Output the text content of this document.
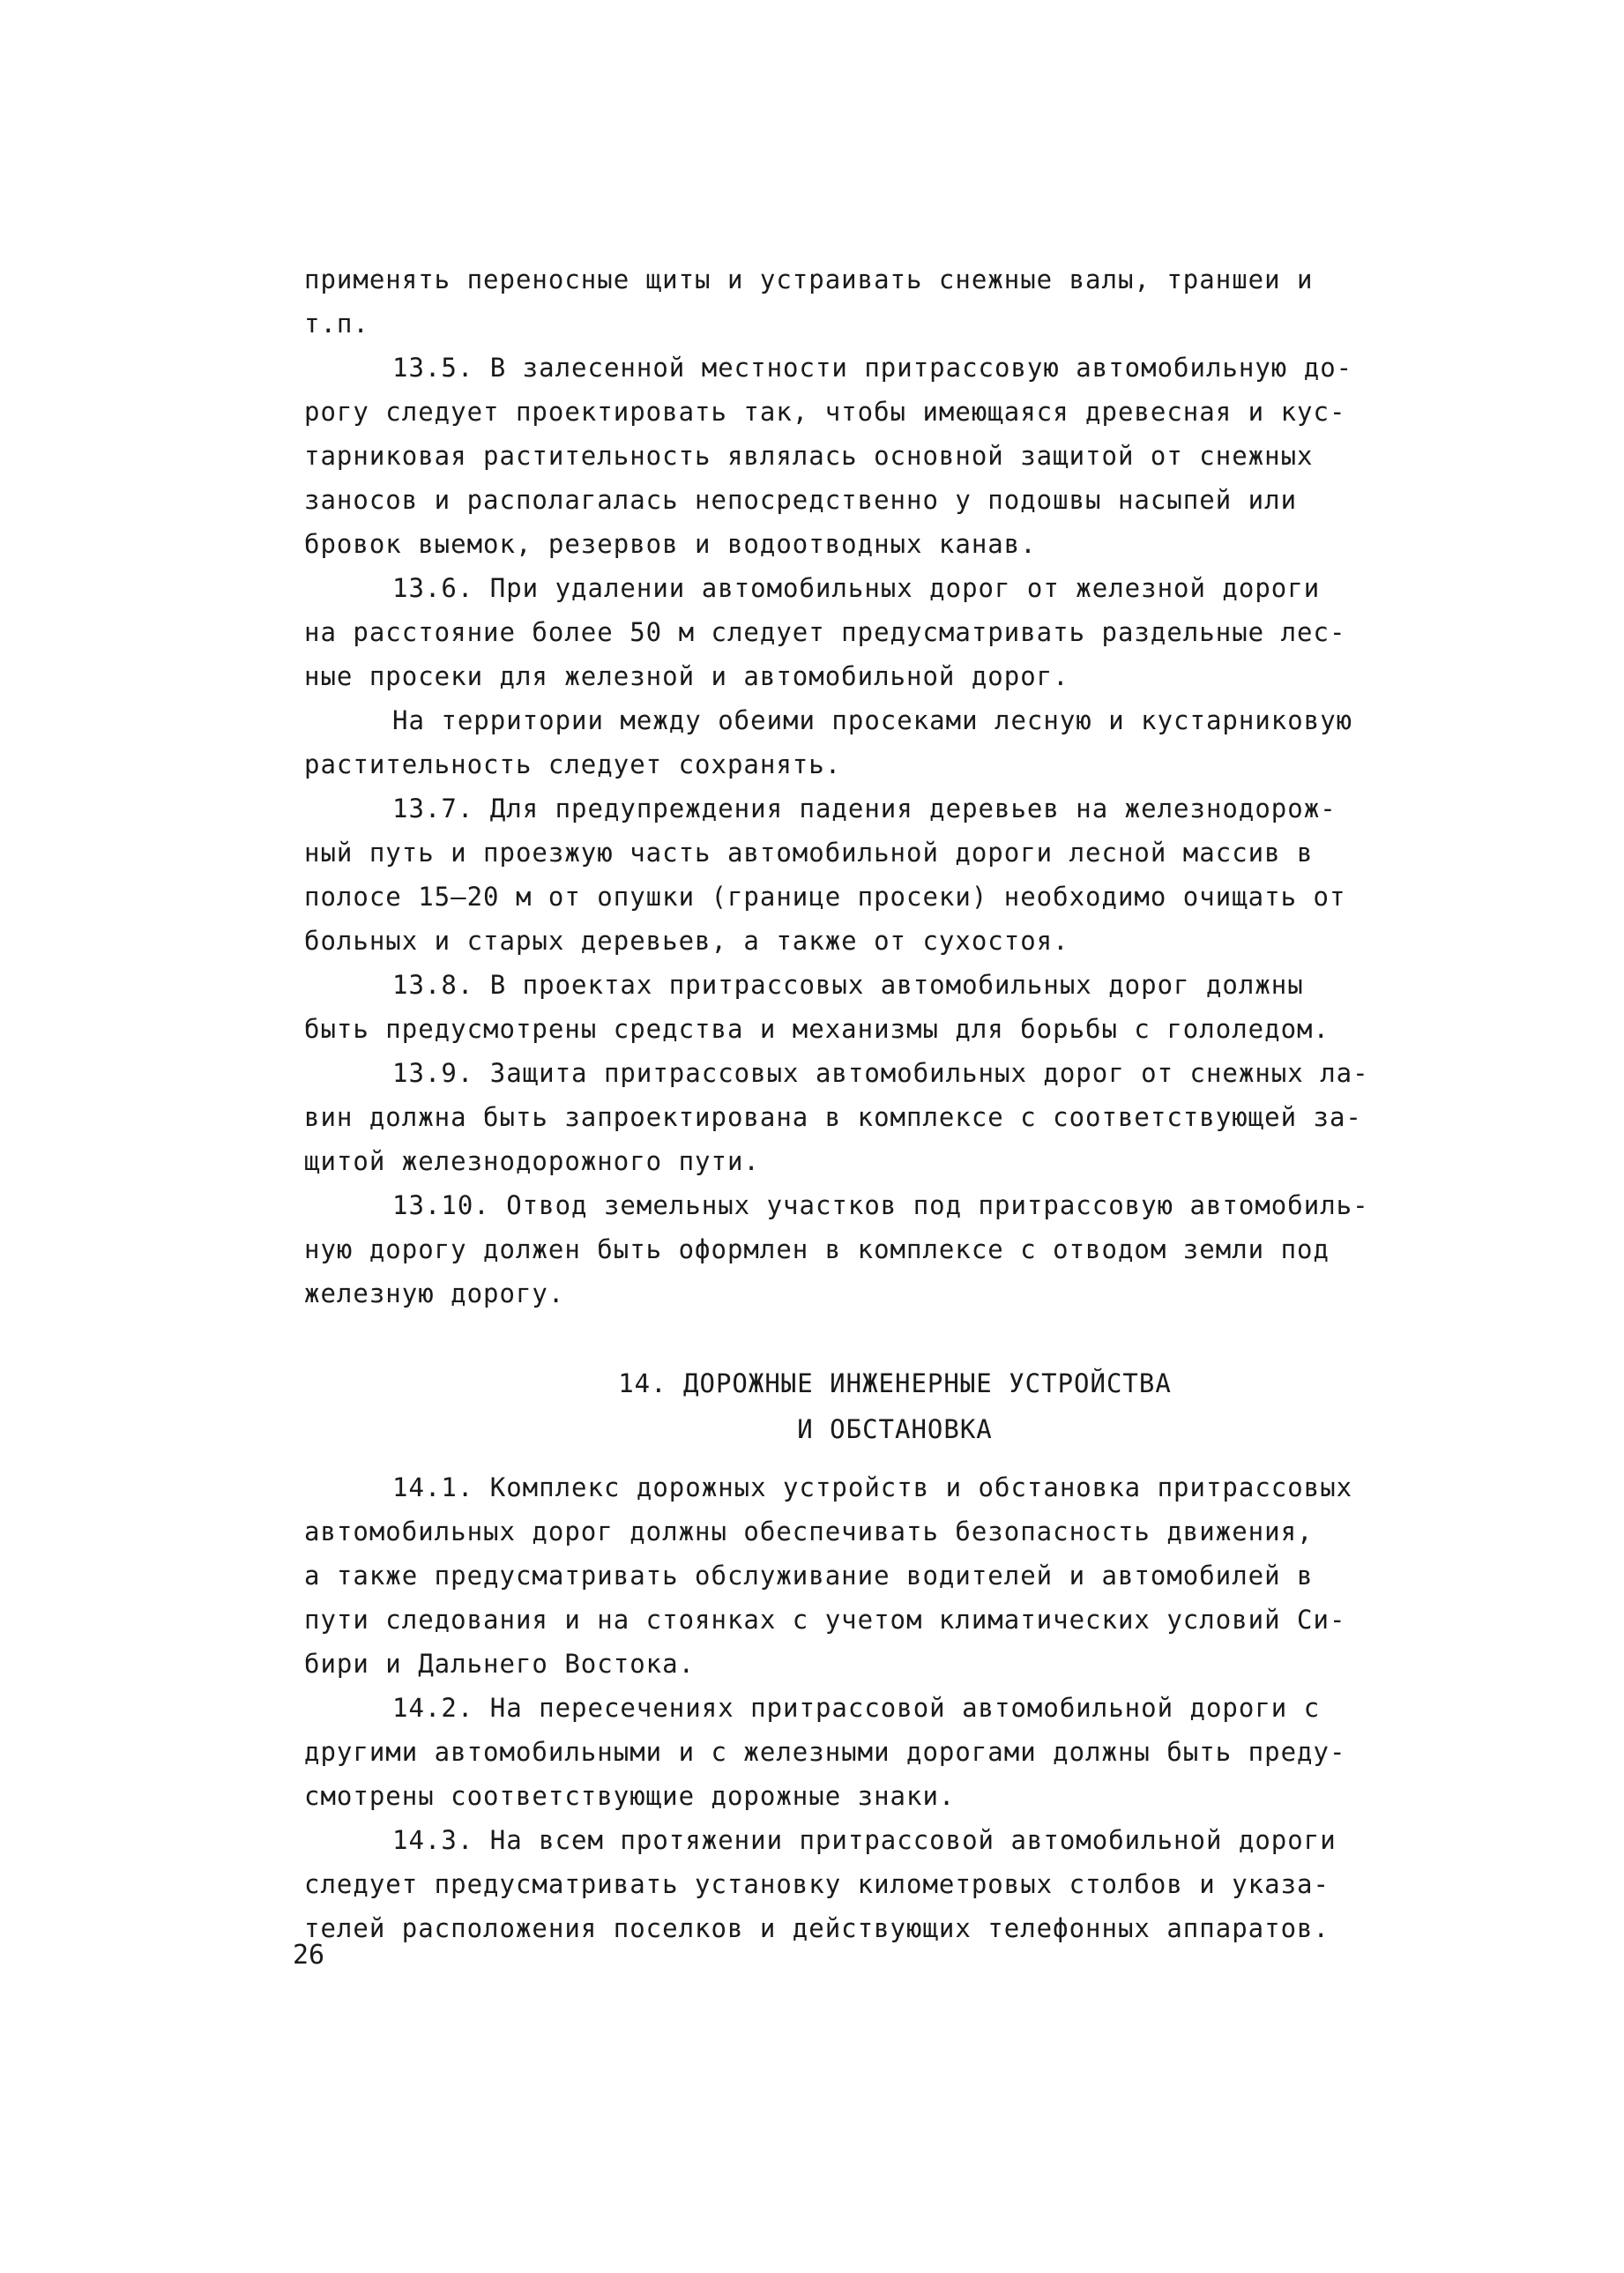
применять переносные щиты и устраивать снежные валы, траншеи и
т.п.
13.5. В залесенной местности притрассовую автомобильную до-
рогу следует проектировать так, чтобы имеющаяся древесная и кус-
тарниковая растительность являлась основной защитой от снежных
заносов и располагалась непосредственно у подошвы насыпей или
бровок выемок, резервов и водоотводных канав.
13.6. При удалении автомобильных дорог от железной дороги
на расстояние более 50 м следует предусматривать раздельные лес-
ные просеки для железной и автомобильной дорог.
На территории между обеими просеками лесную и кустарниковую
растительность следует сохранять.
13.7. Для предупреждения падения деревьев на железнодорож-
ный путь и проезжую часть автомобильной дороги лесной массив в
полосе 15–20 м от опушки (границе просеки) необходимо очищать от
больных и старых деревьев, а также от сухостоя.
13.8. В проектах притрассовых автомобильных дорог должны
быть предусмотрены средства и механизмы для борьбы с гололедом.
13.9. Защита притрассовых автомобильных дорог от снежных ла-
вин должна быть запроектирована в комплексе с соответствующей за-
щитой железнодорожного пути.
13.10. Отвод земельных участков под притрассовую автомобиль-
ную дорогу должен быть оформлен в комплексе с отводом земли под
железную дорогу.
14. ДОРОЖНЫЕ ИНЖЕНЕРНЫЕ УСТРОЙСТВА
И ОБСТАНОВКА
14.1. Комплекс дорожных устройств и обстановка притрассовых
автомобильных дорог должны обеспечивать безопасность движения,
а также предусматривать обслуживание водителей и автомобилей в
пути следования и на стоянках с учетом климатических условий Си-
бири и Дальнего Востока.
14.2. На пересечениях притрассовой автомобильной дороги с
другими автомобильными и с железными дорогами должны быть преду-
смотрены соответствующие дорожные знаки.
14.3. На всем протяжении притрассовой автомобильной дороги
следует предусматривать установку километровых столбов и указа-
телей расположения поселков и действующих телефонных аппаратов.
26
